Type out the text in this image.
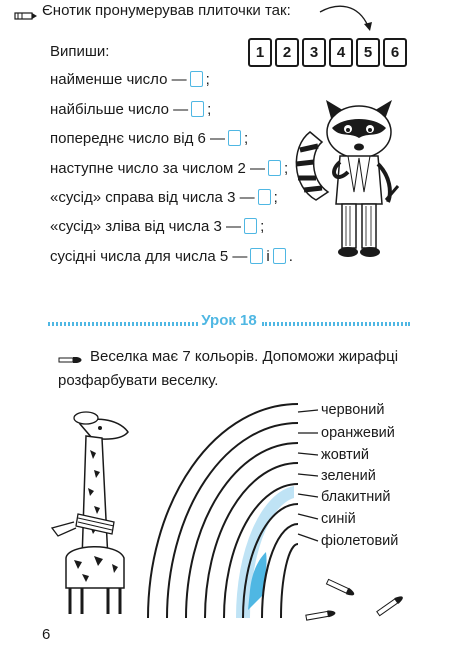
Єнотик пронумерував плиточки так:
1	2	3	4	5	6
Випиши:
найменше число — ;
найбільше число — ;
попереднє число від 6 — ;
наступне число за числом 2 — ;
«сусід» справа від числа 3 — ;
«сусід» зліва від числа 3 — ;
сусідні числа для числа 5 — і .
Урок 18
Веселка має 7 кольорів. Допоможи жирафці
розфарбувати веселку.
червоний
оранжевий
жовтий
зелений
блакитний
синій
фіолетовий
6
